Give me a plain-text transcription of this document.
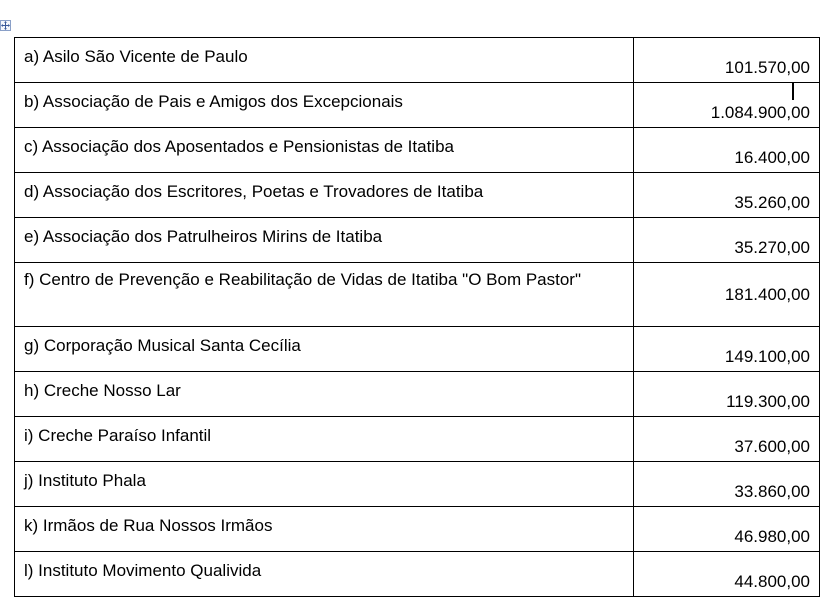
a) Asilo São Vicente de Paulo	101.570,00
b) Associação de Pais e Amigos dos Excepcionais	1.084.900,00
c) Associação dos Aposentados e Pensionistas de Itatiba	16.400,00
d) Associação dos Escritores, Poetas e Trovadores de Itatiba	35.260,00
e) Associação dos Patrulheiros Mirins de Itatiba	35.270,00
f) Centro de Prevenção e Reabilitação de Vidas de Itatiba "O Bom Pastor"	181.400,00
g) Corporação Musical Santa Cecília	149.100,00
h) Creche Nosso Lar	119.300,00
i) Creche Paraíso Infantil	37.600,00
j) Instituto Phala	33.860,00
k) Irmãos de Rua Nossos Irmãos	46.980,00
l) Instituto Movimento Qualivida	44.800,00
